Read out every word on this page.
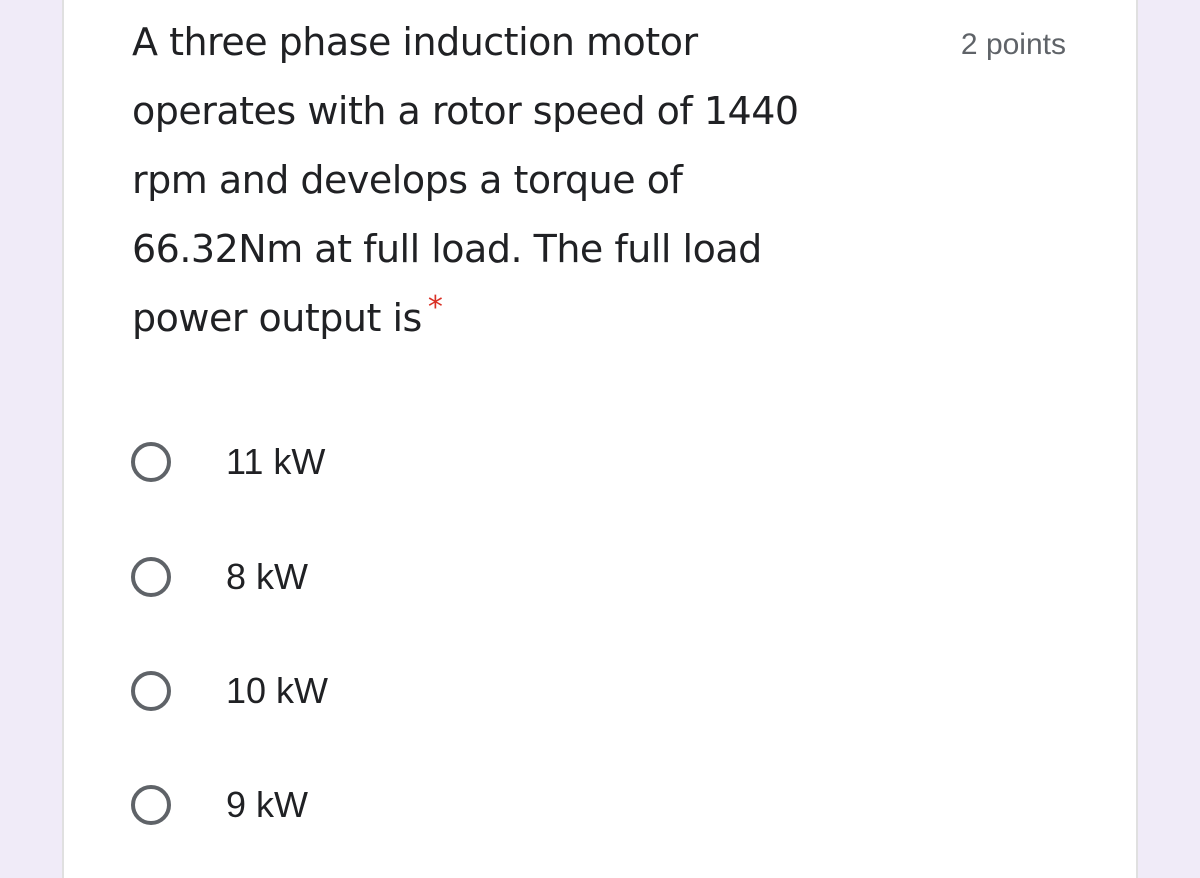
A three phase induction motor
operates with a rotor speed of 1440
rpm and develops a torque of
66.32Nm at full load. The full load
power output is *
2 points
11 kW
8 kW
10 kW
9 kW
